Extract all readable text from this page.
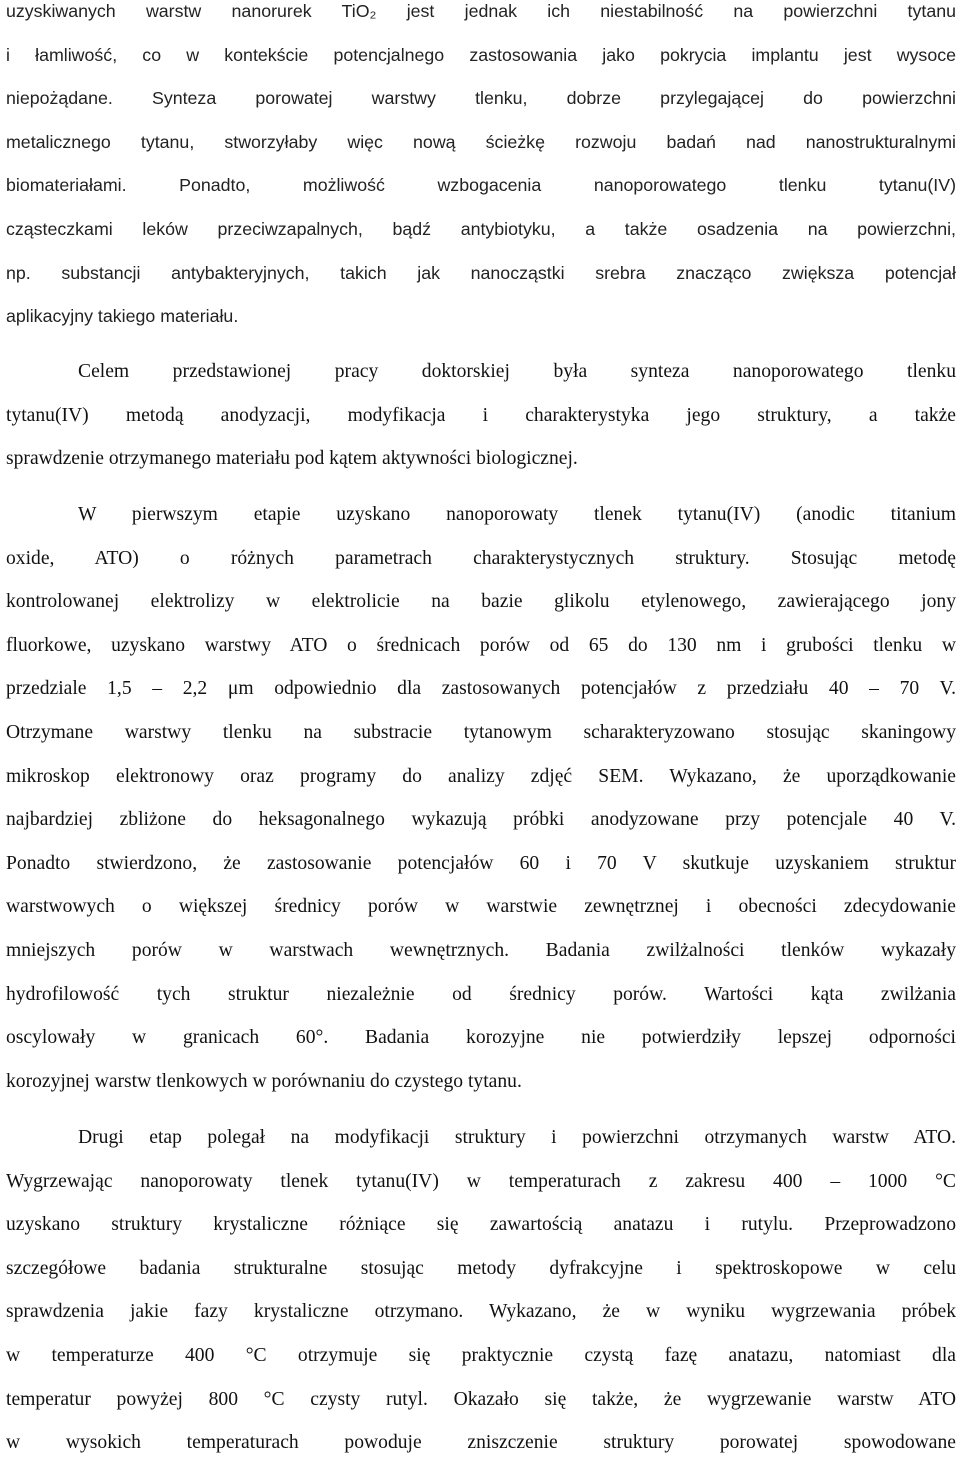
uzyskiwanych warstw nanorurek TiO₂ jest jednak ich niestabilność na powierzchni tytanu
i łamliwość, co w kontekście potencjalnego zastosowania jako pokrycia implantu jest wysoce
niepożądane. Synteza porowatej warstwy tlenku, dobrze przylegającej do powierzchni
metalicznego tytanu, stworzyłaby więc nową ścieżkę rozwoju badań nad nanostrukturalnymi
biomateriałami. Ponadto, możliwość wzbogacenia nanoporowatego tlenku tytanu(IV)
cząsteczkami leków przeciwzapalnych, bądź antybiotyku, a także osadzenia na powierzchni,
np. substancji antybakteryjnych, takich jak nanocząstki srebra znacząco zwiększa potencjał
aplikacyjny takiego materiału.
Celem przedstawionej pracy doktorskiej była synteza nanoporowatego tlenku
tytanu(IV) metodą anodyzacji, modyfikacja i charakterystyka jego struktury, a także
sprawdzenie otrzymanego materiału pod kątem aktywności biologicznej.
W pierwszym etapie uzyskano nanoporowaty tlenek tytanu(IV) (anodic titanium
oxide, ATO) o różnych parametrach charakterystycznych struktury. Stosując metodę
kontrolowanej elektrolizy w elektrolicie na bazie glikolu etylenowego, zawierającego jony
fluorkowe, uzyskano warstwy ATO o średnicach porów od 65 do 130 nm i grubości tlenku w
przedziale 1,5 – 2,2 μm odpowiednio dla zastosowanych potencjałów z przedziału 40 – 70 V.
Otrzymane warstwy tlenku na substracie tytanowym scharakteryzowano stosując skaningowy
mikroskop elektronowy oraz programy do analizy zdjęć SEM. Wykazano, że uporządkowanie
najbardziej zbliżone do heksagonalnego wykazują próbki anodyzowane przy potencjale 40 V.
Ponadto stwierdzono, że zastosowanie potencjałów 60 i 70 V skutkuje uzyskaniem struktur
warstwowych o większej średnicy porów w warstwie zewnętrznej i obecności zdecydowanie
mniejszych porów w warstwach wewnętrznych. Badania zwilżalności tlenków wykazały
hydrofilowość tych struktur niezależnie od średnicy porów. Wartości kąta zwilżania
oscylowały w granicach 60°. Badania korozyjne nie potwierdziły lepszej odporności
korozyjnej warstw tlenkowych w porównaniu do czystego tytanu.
Drugi etap polegał na modyfikacji struktury i powierzchni otrzymanych warstw ATO.
Wygrzewając nanoporowaty tlenek tytanu(IV) w temperaturach z zakresu 400 – 1000 °C
uzyskano struktury krystaliczne różniące się zawartością anatazu i rutylu. Przeprowadzono
szczegółowe badania strukturalne stosując metody dyfrakcyjne i spektroskopowe w celu
sprawdzenia jakie fazy krystaliczne otrzymano. Wykazano, że w wyniku wygrzewania próbek
w temperaturze 400 °C otrzymuje się praktycznie czystą fazę anatazu, natomiast dla
temperatur powyżej 800 °C czysty rutyl. Okazało się także, że wygrzewanie warstw ATO
w wysokich temperaturach powoduje zniszczenie struktury porowatej spowodowane
